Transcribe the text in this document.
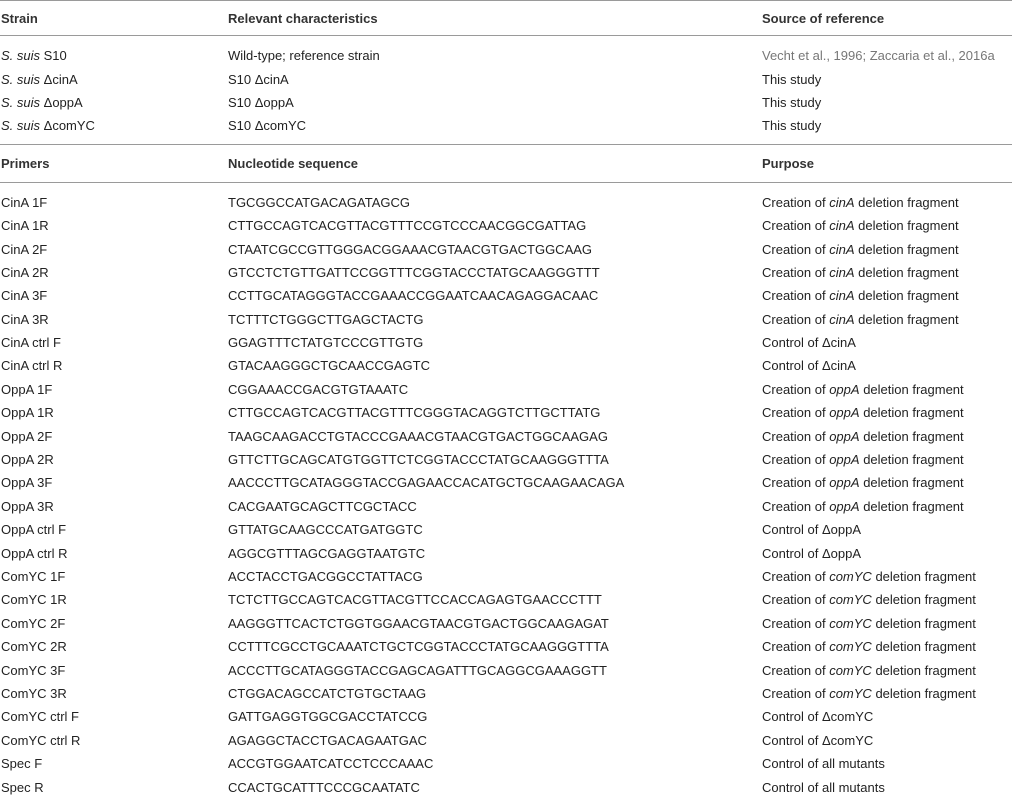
Strain	Relevant characteristics	Source of reference
S. suis S10	Wild-type; reference strain	Vecht et al., 1996; Zaccaria et al., 2016a
S. suis ΔcinA	S10 ΔcinA	This study
S. suis ΔoppA	S10 ΔoppA	This study
S. suis ΔcomYC	S10 ΔcomYC	This study
Primers	Nucleotide sequence	Purpose
CinA 1F	TGCGGCCATGACAGATAGCG	Creation of cinA deletion fragment
CinA 1R	CTTGCCAGTCACGTTACGTTTCCGTCCCAACGGCGATTAG	Creation of cinA deletion fragment
CinA 2F	CTAATCGCCGTTGGGACGGAAACGTAACGTGACTGGCAAG	Creation of cinA deletion fragment
CinA 2R	GTCCTCTGTTGATTCCGGTTTCGGTACCCTATGCAAGGGTTT	Creation of cinA deletion fragment
CinA 3F	CCTTGCATAGGGTACCGAAACCGGAATCAACAGAGGACAAC	Creation of cinA deletion fragment
CinA 3R	TCTTTCTGGGCTTGAGCTACTG	Creation of cinA deletion fragment
CinA ctrl F	GGAGTTTCTATGTCCCGTTGTG	Control of ΔcinA
CinA ctrl R	GTACAAGGGCTGCAACCGAGTC	Control of ΔcinA
OppA 1F	CGGAAACCGACGTGTAAATC	Creation of oppA deletion fragment
OppA 1R	CTTGCCAGTCACGTTACGTTTCGGGTACAGGTCTTGCTTATG	Creation of oppA deletion fragment
OppA 2F	TAAGCAAGACCTGTACCCGAAACGTAACGTGACTGGCAAGAG	Creation of oppA deletion fragment
OppA 2R	GTTCTTGCAGCATGTGGTTCTCGGTACCCTATGCAAGGGTTTA	Creation of oppA deletion fragment
OppA 3F	AACCCTTGCATAGGGTACCGAGAACCACATGCTGCAAGAACAGA	Creation of oppA deletion fragment
OppA 3R	CACGAATGCAGCTTCGCTACC	Creation of oppA deletion fragment
OppA ctrl F	GTTATGCAAGCCCATGATGGTC	Control of ΔoppA
OppA ctrl R	AGGCGTTTAGCGAGGTAATGTC	Control of ΔoppA
ComYC 1F	ACCTACCTGACGGCCTATTACG	Creation of comYC deletion fragment
ComYC 1R	TCTCTTGCCAGTCACGTTACGTTCCACCAGAGTGAACCCTTT	Creation of comYC deletion fragment
ComYC 2F	AAGGGTTCACTCTGGTGGAACGTAACGTGACTGGCAAGAGAT	Creation of comYC deletion fragment
ComYC 2R	CCTTTCGCCTGCAAATCTGCTCGGTACCCTATGCAAGGGTTTA	Creation of comYC deletion fragment
ComYC 3F	ACCCTTGCATAGGGTACCGAGCAGATTTGCAGGCGAAAGGTT	Creation of comYC deletion fragment
ComYC 3R	CTGGACAGCCATCTGTGCTAAG	Creation of comYC deletion fragment
ComYC ctrl F	GATTGAGGTGGCGACCTATCCG	Control of ΔcomYC
ComYC ctrl R	AGAGGCTACCTGACAGAATGAC	Control of ΔcomYC
Spec F	ACCGTGGAATCATCCTCCCAAAC	Control of all mutants
Spec R	CCACTGCATTTCCCGCAATATC	Control of all mutants
